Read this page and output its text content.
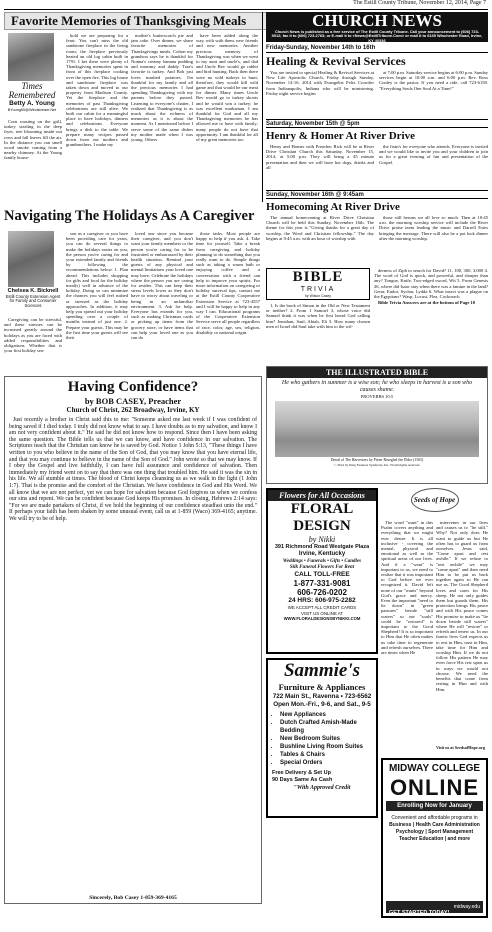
The Estill County Tribune, November 12, 2014, Page 7
Favorite Memories of Thanksgiving Meals
Times Remembered
Betty A. Young
BYoung55@Windstream.Net

Corn roasting on the grill, turkey sizzling in the deep fryer, tree blooming inside out rows and fall leaves fill the air. In the distance you can smell wood smoke coming from a nearby chimney. At the Young family house-

hold we are preparing for a feast. You can't miss the old sandstone fireplace in the living room; the fireplace previously heated an old log cabin built in 1791. I bet there were plenty of Thanksgiving memories spent in front of this fireplace cooking over the open fire. This log house and sandstone fireplace was taken down and moved to our property from Madison County. Yet the fireplace and the memories of past Thanksgiving celebrations are still alive. We built our cabin for a meaningful place to have holidays, dinners and celebrations. Everyone brings a dish to the table. We prepare many recipes passed down from our mothers and grandmothers. I make my

mother's butterscotch pie and jam cake. Over dinner, we share favorite memories of Thanksgivings meals. Colton my grandson says he is thankful for Nonna's creamy banana pudding and mommy and daddy. Tara's favorite is turkey. And Bob just loves mashed potatoes. I'm thankful for my family and all the precious memories I had spending Thanksgiving with my parents before they passed. Listening to everyone's chatter, I realized that Thanksgiving is as much about the richness of memories as it is about the moment. As I mentioned before I serve some of the same dishes my mother made when I was young. Others

have been added along the way, with with them, new friends and new memories. Another precious memory of Thanksgiving was when we went to my aunt and uncle's, and dad and Uncle Bev would go rabbit and bird hunting. Back then there were no wild turkeys to hunt; therefore, they would kill wild game and that would be our meat for dinner. Many times Uncle Bev would go to turkey shoots and he would win a turkey; he was excellent marksman. I am thankful for God and all my Thanksgiving memories he has allowed me to have with family; many people do not have that opportunity. I am thankful for all of my great memories too.

CHURCH NEWS
Church News is published as a free service of The Estill County Tribune. Call your announcement to (606) 723-5012; fax it to (606) 723-2763; or E-mail it to <News@EstillTribune.Com> or mail it to 6135 Winchester Road, Irvine, KY 40336
Friday-Sunday, November 14th to 16th
Healing & Revival Services

You are invited to special Healing & Revival Services at New Life Apostolic Church, Friday through Sunday, November 14-16, 2014 with Evangelist Felix Crowder from Indianapolis, Indiana who will be ministering. Friday night service begins

at 7:00 p.m. Saturday service begins at 6:00 p.m. Sunday services begin at 10:00 a.m. and 6:00 p.m. Rev. Ross Conley is the pastor. If you need a ride, call 723-6158. "Everything Souls One Soul At a Time!"

Saturday, November 15th @ 5pm
Henry & Homer At River Drive

Henry and Homer with Preacher Rick will be at River Drive Christian Church this Saturday, November 15, 2014, at 5:00 p.m. They will bring a 45 minute presentation and then we will have hot dogs, drinks and all

the fixin's for everyone who attends. Everyone is invited and we would like to invite you and your children to join us for a great evening of fun and presentation of the Gospel.

Sunday, November 16th @ 9:45am
Homecoming At River Drive

The annual homecoming at River Drive Christian Church will be held this Sunday, November 16th. The theme for this year is "Giving thanks for a great day of worship, the Word and Christian fellowship." The day begins at 9:45 a.m. with an hour of worship with

those still heruns we all love so much. Then at 10:45 a.m. the morning worship service will include the River Drive praise team leading the music and Darrell Estes bringing the message. There will also be a pot luck dinner after the morning worship.

Navigating The Holidays As A Caregiver
Chelsea K. Bicknell
Estill County Extension Agent for Family and Consumer Sciences

Caregiving can be stressful, and these stresses can be increased greatly around the holidays as you are faced with added responsibilities and obligations. Whether that is your first holiday sea-

son as a caregiver or you have been providing care for years, you can do several things to make the holidays easier on you, the person you're caring for and your extended family and friends by following the recommendations below. 1. Plan ahead. This includes shopping for gifts and food for the holiday meal(s) well in advance of the holiday. Doing so can minimize the chances you will feel rushed or stressed as the holiday approaches. In addition, it may help you spread out your holiday spending over a couple of months instead of just one. 2. Prepare your guests. This may be the first time your guests will see their

loved one since you became their caregiver, and you don't want your family members or the person you're caring for to be frustrated or embarrassed by their health situation. Remind your guests of any physical and mental limitations your loved one may have. Celebrate the holidays where the person you are caring for resides. This can keep their stress levels lower as they don't have to worry about traveling or being in an unfamiliar environment. 3. Ask for help. Everyone has errands for you, such as making Christmas cards or picking up items from the grocery store, or have items that can help your loved one as you can do

those tasks. Most people are happy to help if you ask. 4. Take time for yourself. Take a break from caregiving and holiday planning to do something that you really want to do. Simple things such as taking a warm bath or enjoying coffee and a conversation with a friend can help to improve your spirits. For more information on caregiving or holiday survival tips, contact me at the Estill County Cooperative Extension Service at 723-4557 and I will be happy to help in any way I can. Educational programs of the Cooperative Extension Service serve all people regardless of race, color, age, sex, religion, disability or national origin.

BIBLE
TRIVIA
by Wilson Casey

1. Is the book of Simon in the Old or New Testament or neither? 2. From 1 Samuel 3, whose voice did Samuel think it was when he first heard God calling him? Jonathan, Saul, Abiah, Eli 3. How many chosen men of Israel did Saul take with him to the wil-

derness of Ziph to search for David? 11, 100, 300, 3,000 4. The word of God is quick, and powerful, and sharper than any? Tongue, Knife, Two-edged sword, Wit 5. From Genesis 26, where did Isaac stay when there was a famine in the land? Gerar, Endor, Sychar, Lydda 6. What insect was a plague on the Egyptians? Wasp, Locust, Flea, Cockroach

Bible Trivia Answers are at the bottom of Page 10

Having Confidence?
by BOB CASEY, Preacher
Church of Christ, 262 Broadway, Irvine, KY

Just recently a brother in Christ said this to me: "Someone asked me last week if I was confident of being saved if I died today. I truly did not know what to say. I have doubts as to my salvation, and know I am not very confident about it." He said he did not know how to respond. Since then I have been asking the same question. The Bible tells us that we can know, and have confidence in our salvation. The Scriptures teach that the Christian can know he is saved by God. Notice 1 John 5:13, "These things I have written to you who believe in the name of the Son of God, that you may know that you have eternal life, and that you may continue to believe in the name of the Son of God." John wrote so that we may know. If I obey the Gospel and live faithfully, I can have full assurance and confidence of salvation. Then immediately my friend went on to say that there was one thing that troubled him. He said it was the sin in his life. We all stumble at times. The blood of Christ keeps cleansing us as we walk in the light (1 John 1:7). That is the promise and the comfort of the Christian. We have confidence in God and His Word. We all know that we are not perfect, yet we can hope for salvation because God forgives us when we confess our sins and repent. We can be confident because God keeps His promises. In closing, Hebrews 2:14 says: "For we are made partakers of Christ, if we hold the beginning of our confidence steadfast unto the end." If perhaps your faith has been shaken by some unusual event, call us at 1-859 (Waco) 369-4165; anytime. We will try to be of help.

Sincerely, Bob Casey 1-859-369-4165
THE ILLUSTRATED BIBLE
He who gathers in summer is a wise son; he who sleeps in harvest is a son who causes shame.
PROVERBS 10:5
Detail of The Harvesters by Pieter Brueghel the Elder (1565)
© 2014 by King Features Syndicate, Inc. World rights reserved.
Flowers for All Occasions
FLORAL DESIGN
by Nikki
391 Richmond Road Westgate Plaza
Irvine, Kentucky
Weddings • Funerals • Gifts • Candles
Silk Funeral Flowers For Rent
CALL TOLL-FREE
1-877-331-9081
606-726-0202
24 HRS: 606-975-2282
WE ACCEPT ALL CREDIT CARDS
VISIT US ONLINE AT
WWW.FLORALDESIGNSBYNIKKI.COM
Seeds of Hope

The word "want" in this Psalm covers anything and everything that we might ever desire. It is all inclusive - covering the mental, physical and emotional as well as the spiritual areas of our lives. And if a "want" is important to us, we need to realize that it was important to God before we ever recognized it. David left none of our "wants" beyond God's grace and mercy. Even the important "need to lie down" in "green pastures" beside "still waters" so our "souls" could be "restored" is important to the Good Shepherd! It is so important to Him that He often makes us take time to regenerate and refresh ourselves. There are times when He

intervenes in our lives and causes us to "lie still." Why? Not only does He want to guide us but He often has to guard us from ourselves. Jesus said, "Come apart and rest awhile." If we refuse to "rest awhile" we may "come apart" and then need Him to be put us back together again so He can use us. The Good Shepherd loves and cares for His sheep. He not only guides them but guards them. His protection brings His peace and with His peace comes His promise to make us "lie down beside still waters" where He will "restore" or refresh and renew us. In our frantic lives God expects us to rest in Him, trust in Him, take time for Him and worship Him. If we do not follow His pattern He may even force His rest upon us in ways we would not choose. We need the benefits that come from resting in Him and with Him.

Visit us at SeedsofHope.org
Sammie's
Furniture & Appliances
722 Main St., Ravenna • 723-6562
Open Mon.-Fri., 9-6, and Sat., 9-5
• New Appliances
• Dutch Crafted Amish-Made Bedding
• New Bedroom Suites
• Bushline Living Room Suites
• Tables & Chairs
• Special Orders
Free Delivery & Set Up
90 Days Same As Cash
"With Approved Credit
MIDWAY COLLEGE
ONLINE
Enrolling Now for January
Convenient and affordable programs in
Business | Health Care Administration Psychology | Sport Management Teacher Education | and more
GET STARTED TODAY!
midway.edu
